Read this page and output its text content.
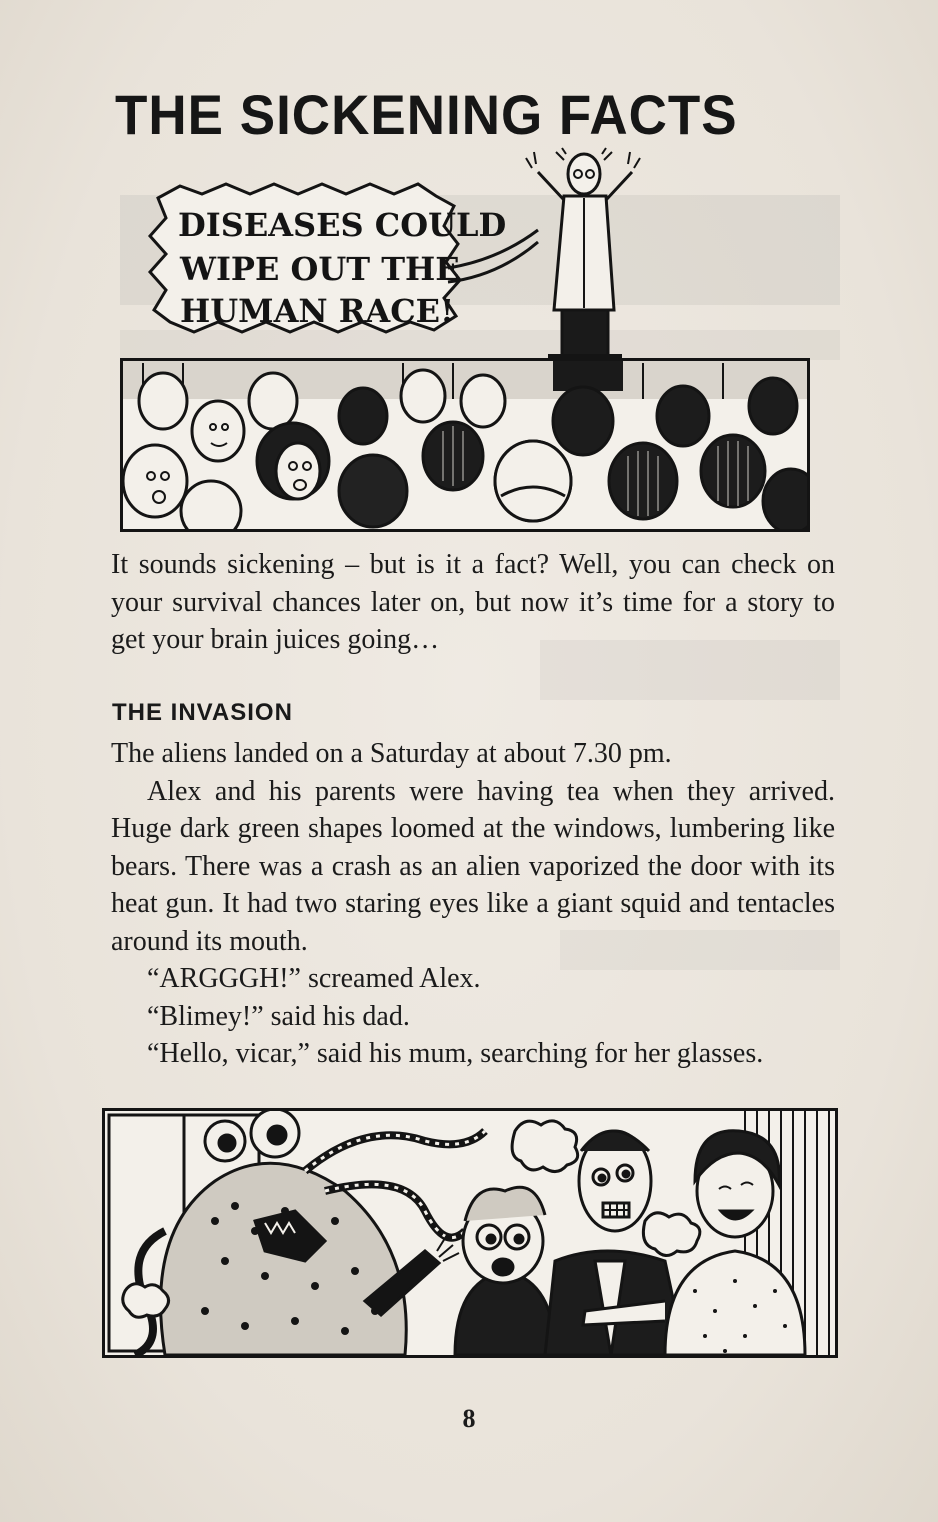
THE SICKENING FACTS
DISEASES COULD
WIPE OUT THE
HUMAN RACE!

It sounds sickening – but is it a fact? Well, you can check on your survival chances later on, but now it’s time for a story to get your brain juices going…

THE INVASION

The aliens landed on a Saturday at about 7.30 pm.

Alex and his parents were having tea when they arrived. Huge dark green shapes loomed at the windows, lumbering like bears. There was a crash as an alien vaporized the door with its heat gun. It had two staring eyes like a giant squid and tentacles around its mouth.

“ARGGGH!” screamed Alex.

“Blimey!” said his dad.

“Hello, vicar,” said his mum, searching for her glasses.

8
